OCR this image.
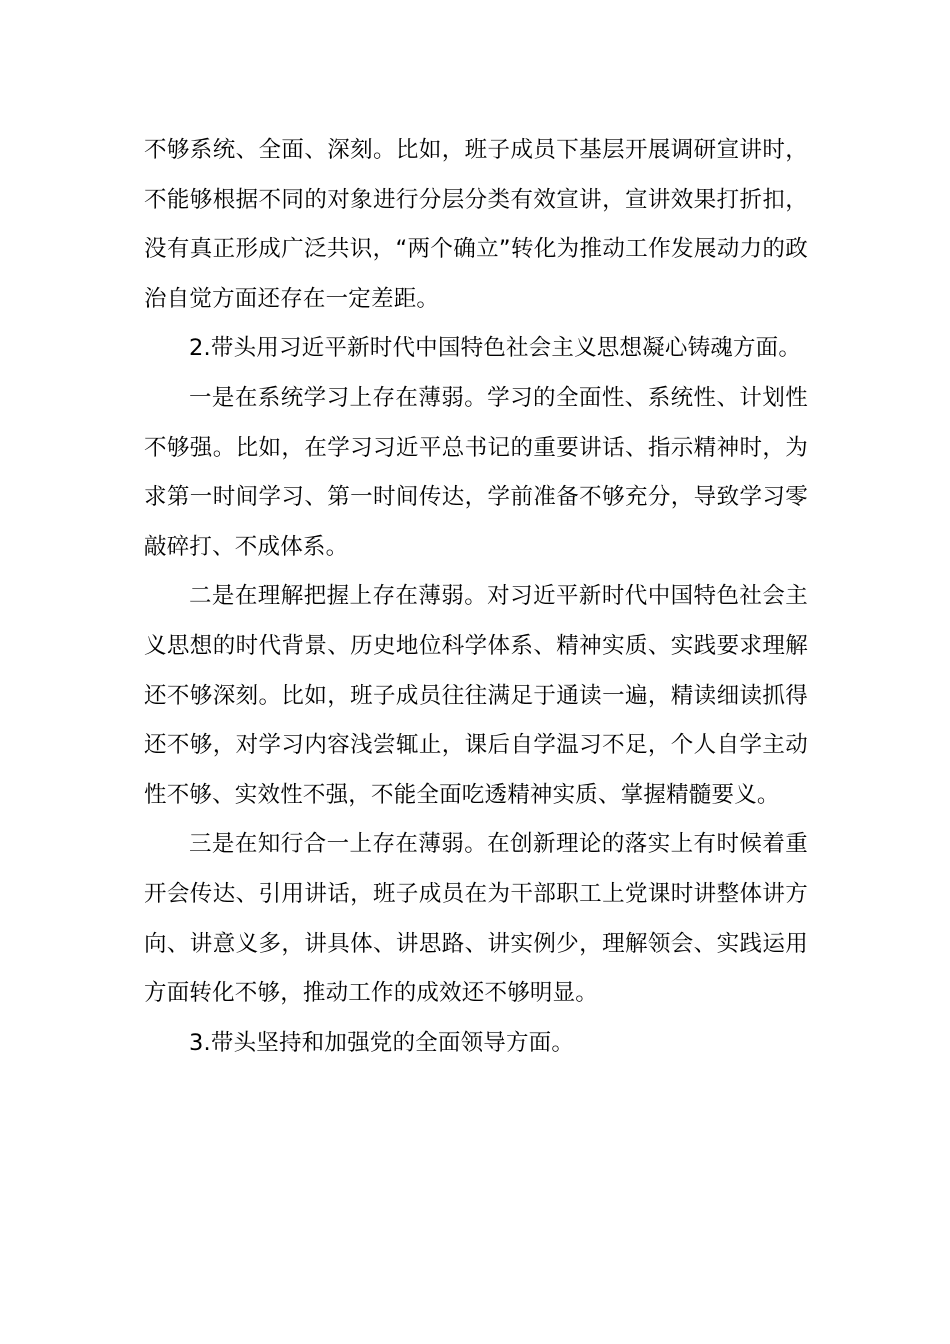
不够系统、全面、深刻。比如，班子成员下基层开展调研宣讲时，不能够根据不同的对象进行分层分类有效宣讲，宣讲效果打折扣，没有真正形成广泛共识，“两个确立”转化为推动工作发展动力的政治自觉方面还存在一定差距。

2.带头用习近平新时代中国特色社会主义思想凝心铸魂方面。

一是在系统学习上存在薄弱。学习的全面性、系统性、计划性不够强。比如，在学习习近平总书记的重要讲话、指示精神时，为求第一时间学习、第一时间传达，学前准备不够充分，导致学习零敲碎打、不成体系。

二是在理解把握上存在薄弱。对习近平新时代中国特色社会主义思想的时代背景、历史地位科学体系、精神实质、实践要求理解还不够深刻。比如，班子成员往往满足于通读一遍，精读细读抓得还不够，对学习内容浅尝辄止，课后自学温习不足，个人自学主动性不够、实效性不强，不能全面吃透精神实质、掌握精髓要义。

三是在知行合一上存在薄弱。在创新理论的落实上有时候着重开会传达、引用讲话，班子成员在为干部职工上党课时讲整体讲方向、讲意义多，讲具体、讲思路、讲实例少，理解领会、实践运用方面转化不够，推动工作的成效还不够明显。

3.带头坚持和加强党的全面领导方面。
